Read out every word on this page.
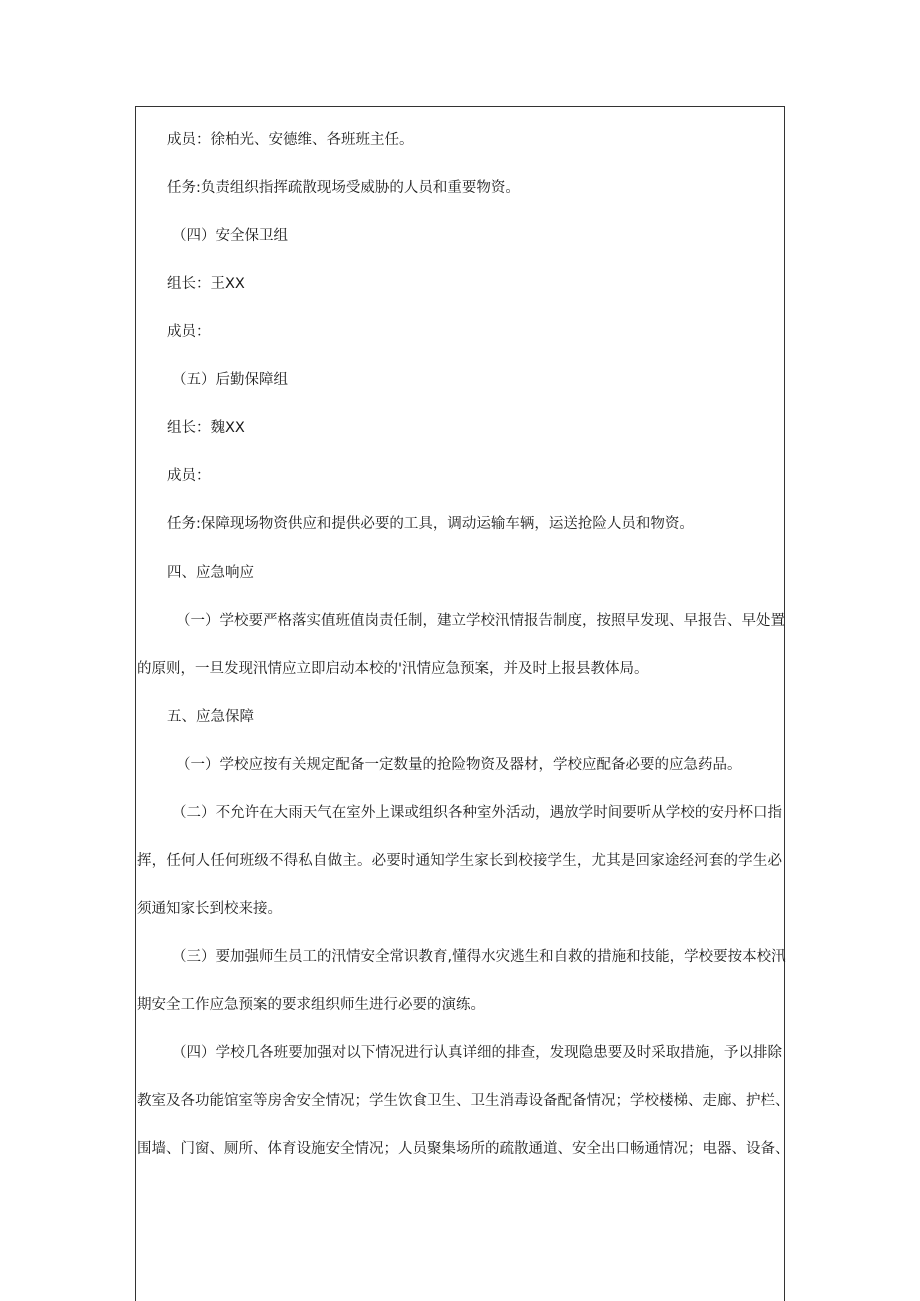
成员：徐柏光、安德维、各班班主任。
任务:负责组织指挥疏散现场受威胁的人员和重要物资。
（四）安全保卫组
组长：王XX
成员：
（五）后勤保障组
组长：魏XX
成员：
任务:保障现场物资供应和提供必要的工具，调动运输车辆，运送抢险人员和物资。
四、应急响应
（一）学校要严格落实值班值岗责任制，建立学校汛情报告制度，按照早发现、早报告、早处置
的原则，一旦发现汛情应立即启动本校的'汛情应急预案，并及时上报县教体局。
五、应急保障
（一）学校应按有关规定配备一定数量的抢险物资及器材，学校应配备必要的应急药品。
（二）不允许在大雨天气在室外上课或组织各种室外活动，遇放学时间要听从学校的安丹杯口指
挥，任何人任何班级不得私自做主。必要时通知学生家长到校接学生，尤其是回家途经河套的学生必
须通知家长到校来接。
（三）要加强师生员工的汛情安全常识教育,懂得水灾逃生和自救的措施和技能，学校要按本校汛
期安全工作应急预案的要求组织师生进行必要的演练。
（四）学校几各班要加强对以下情况进行认真详细的排查，发现隐患要及时采取措施，予以排除
教室及各功能馆室等房舍安全情况；学生饮食卫生、卫生消毒设备配备情况；学校楼梯、走廊、护栏、
围墙、门窗、厕所、体育设施安全情况；人员聚集场所的疏散通道、安全出口畅通情况；电器、设备、
